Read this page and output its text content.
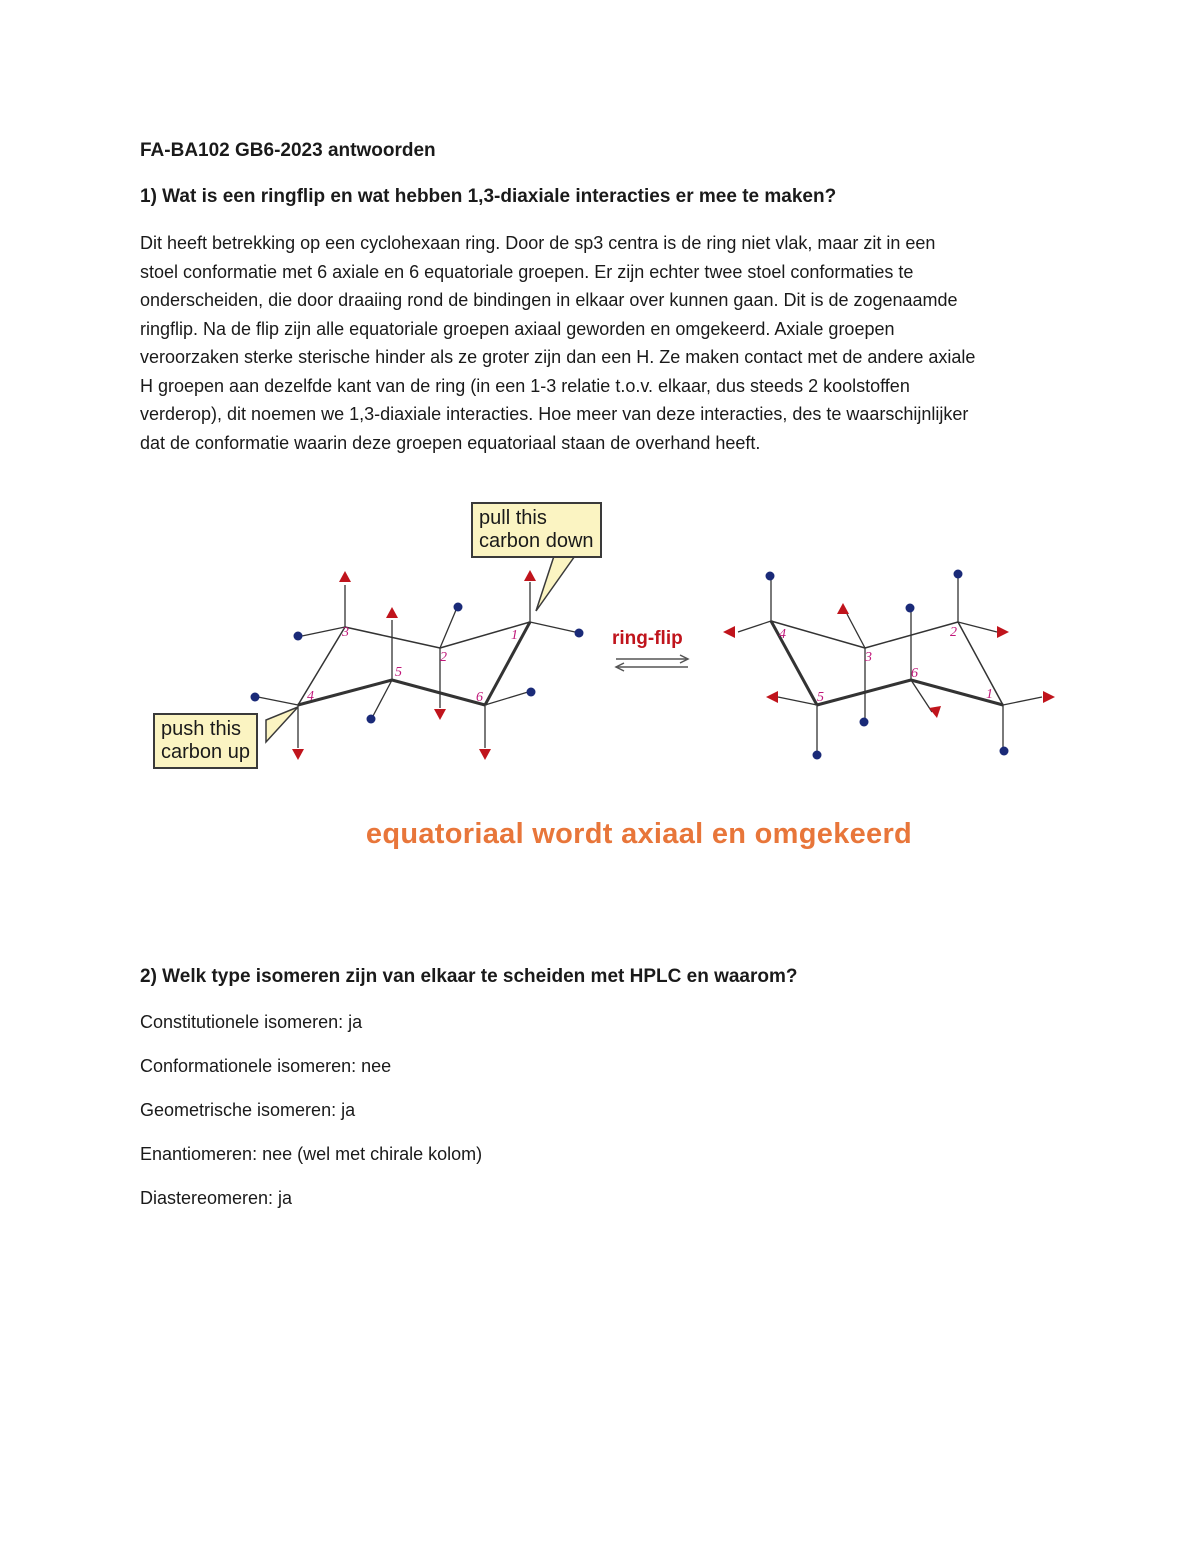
FA-BA102 GB6-2023 antwoorden
1) Wat is een ringflip en wat hebben 1,3-diaxiale interacties er mee te maken?

Dit heeft betrekking op een cyclohexaan ring. Door de sp3 centra is de ring niet vlak, maar zit in een
stoel conformatie met 6 axiale en 6 equatoriale groepen. Er zijn echter twee stoel conformaties te
onderscheiden, die door draaiing rond de bindingen in elkaar over kunnen gaan. Dit is de zogenaamde
ringflip. Na de flip zijn alle equatoriale groepen axiaal geworden en omgekeerd. Axiale groepen
veroorzaken sterke sterische hinder als ze groter zijn dan een H. Ze maken contact met de andere axiale
H groepen aan dezelfde kant van de ring (in een 1-3 relatie t.o.v. elkaar, dus steeds 2 koolstoffen
verderop), dit noemen we 1,3-diaxiale interacties. Hoe meer van deze interacties, des te waarschijnlijker
dat de conformatie waarin deze groepen equatoriaal staan de overhand heeft.

3
2
1
4
5
6
4
3
2
5
6
1
pull this
carbon down
push this
carbon up
ring-flip
equatoriaal wordt axiaal en omgekeerd
2) Welk type isomeren zijn van elkaar te scheiden met HPLC en waarom?
Constitutionele isomeren: ja
Conformationele isomeren: nee
Geometrische isomeren: ja
Enantiomeren: nee (wel met chirale kolom)
Diastereomeren: ja
